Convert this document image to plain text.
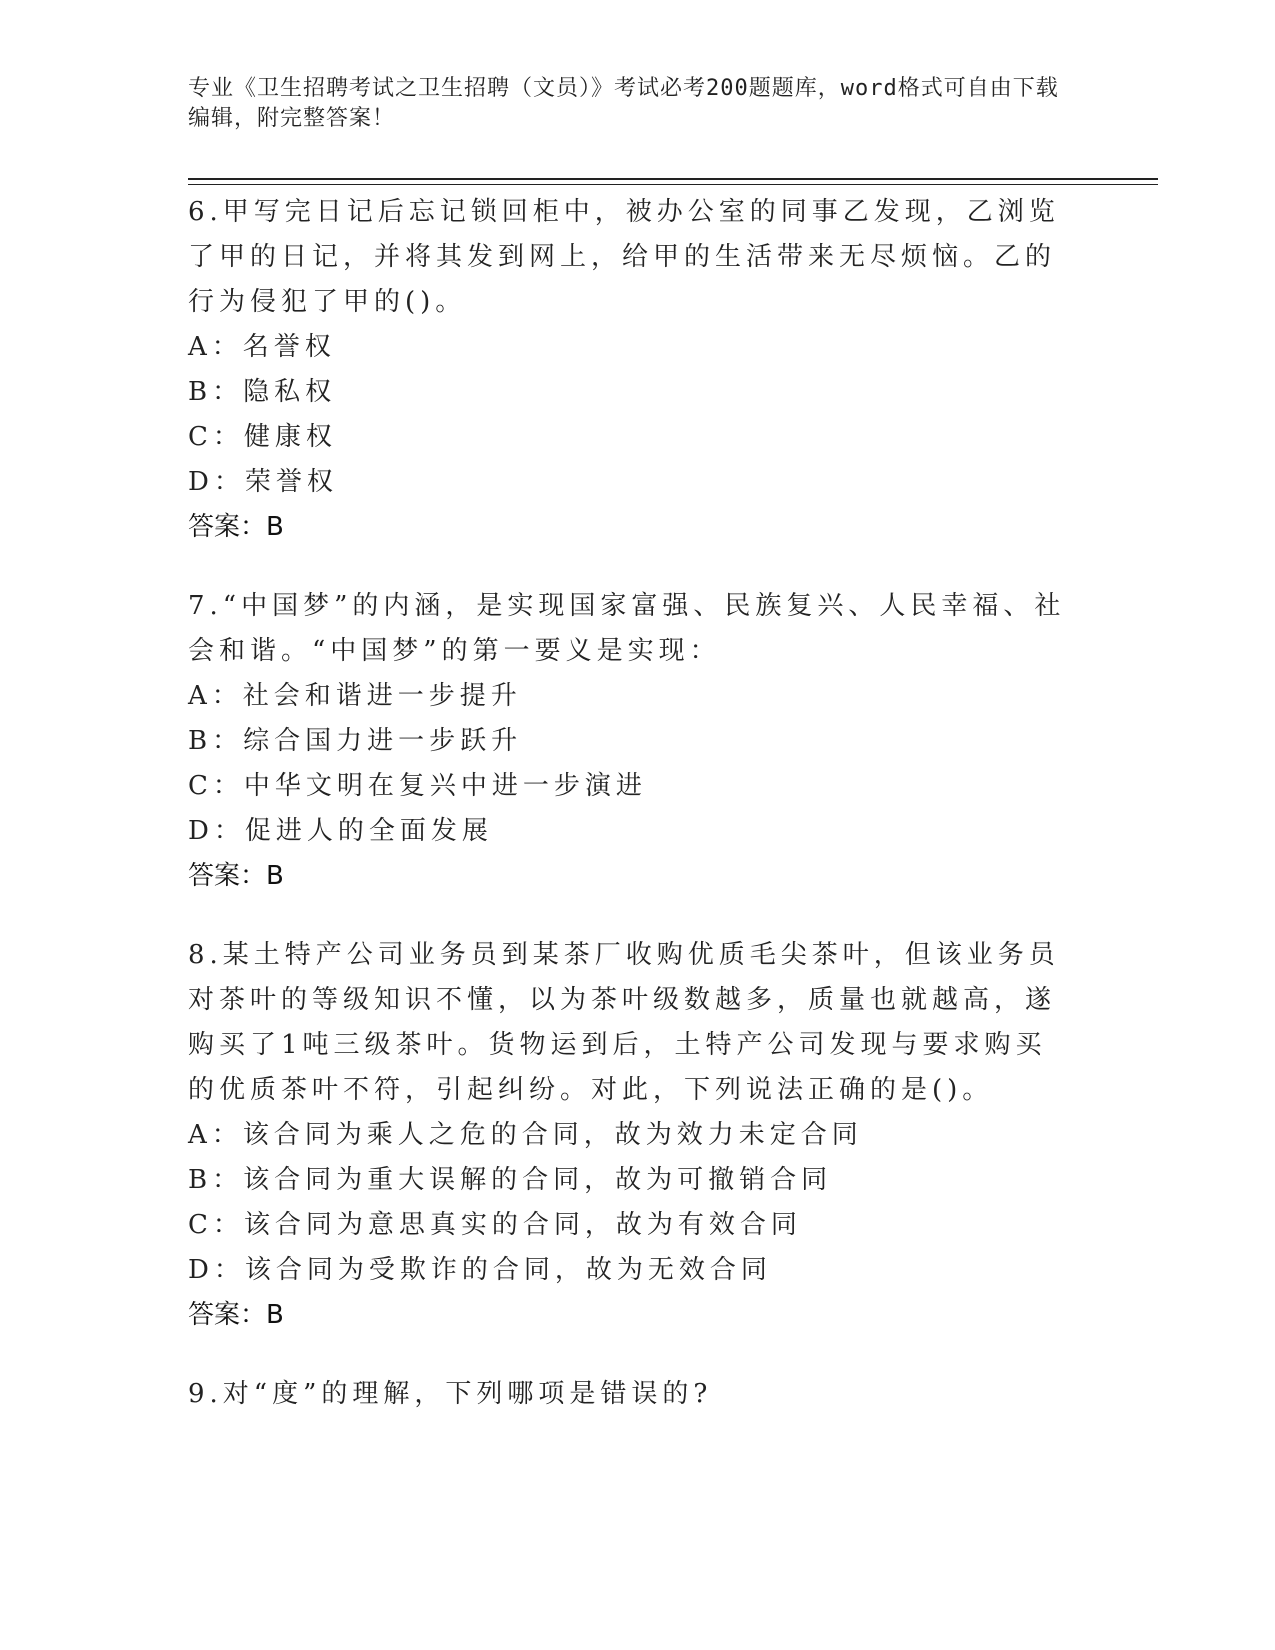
专业《卫生招聘考试之卫生招聘（文员）》考试必考200题题库，word格式可自由下载编辑，附完整答案！

6.甲写完日记后忘记锁回柜中，被办公室的同事乙发现，乙浏览了甲的日记，并将其发到网上，给甲的生活带来无尽烦恼。乙的行为侵犯了甲的()。

A：名誉权

B：隐私权

C：健康权

D：荣誉权

答案：B

7.“中国梦”的内涵，是实现国家富强、民族复兴、人民幸福、社会和谐。“中国梦”的第一要义是实现：

A：社会和谐进一步提升

B：综合国力进一步跃升

C：中华文明在复兴中进一步演进

D：促进人的全面发展

答案：B

8.某土特产公司业务员到某茶厂收购优质毛尖茶叶，但该业务员对茶叶的等级知识不懂，以为茶叶级数越多，质量也就越高，遂购买了1吨三级茶叶。货物运到后，土特产公司发现与要求购买的优质茶叶不符，引起纠纷。对此，下列说法正确的是()。

A：该合同为乘人之危的合同，故为效力未定合同

B：该合同为重大误解的合同，故为可撤销合同

C：该合同为意思真实的合同，故为有效合同

D：该合同为受欺诈的合同，故为无效合同

答案：B

9.对“度”的理解，下列哪项是错误的?
